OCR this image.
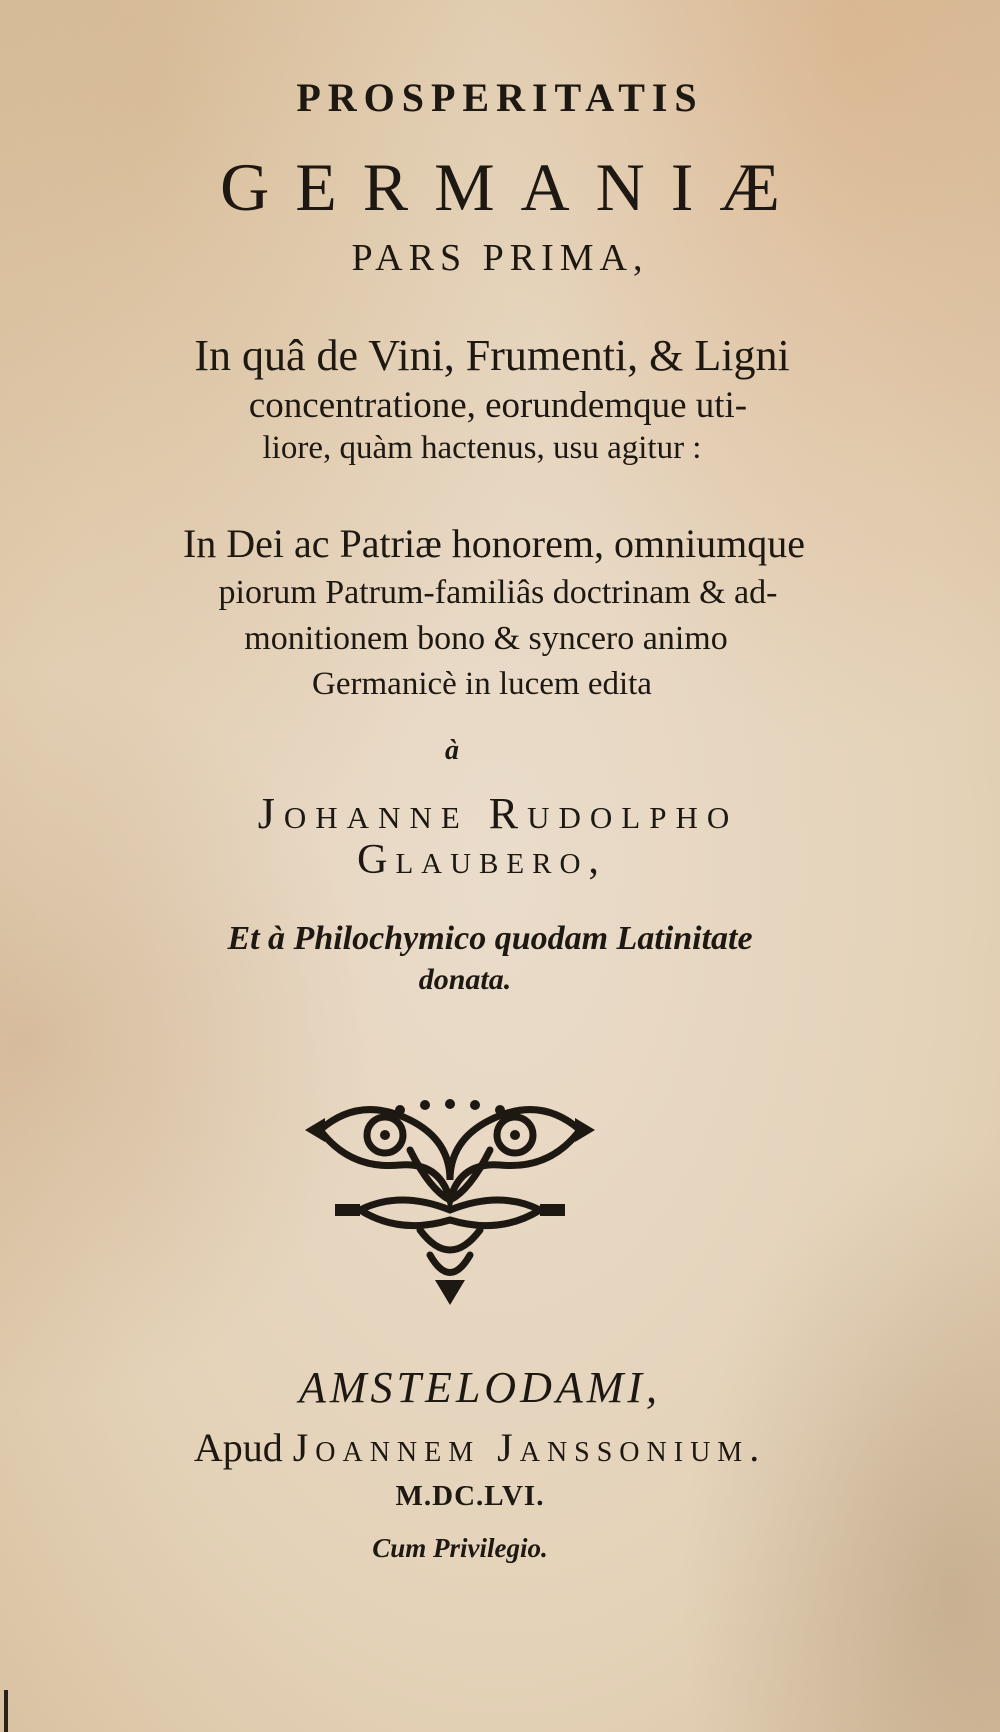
PROSPERITATIS
GERMANIÆ
PARS PRIMA,
In quâ de Vini, Frumenti, & Ligni
concentratione, eorundemque uti-
liore, quàm hactenus, usu agitur :
In Dei ac Patriæ honorem, omniumque
piorum Patrum-familiâs doctrinam & ad-
monitionem bono & syncero animo
Germanicè in lucem edita
à
Johanne Rudolpho
Glaubero,
Et à Philochymico quodam Latinitate
donata.
AMSTELODAMI,
Apud Joannem Janssonium.
M.DC.LVI.
Cum Privilegio.
